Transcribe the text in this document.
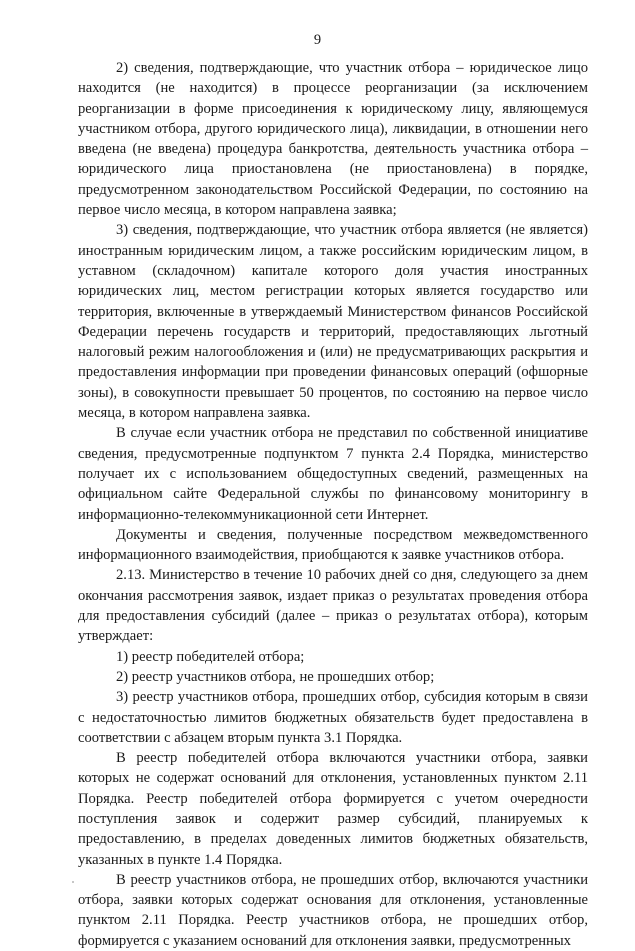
9

2) сведения, подтверждающие, что участник отбора – юридическое лицо находится (не находится) в процессе реорганизации (за исключением реорганизации в форме присоединения к юридическому лицу, являющемуся участником отбора, другого юридического лица), ликвидации, в отношении него введена (не введена) процедура банкротства, деятельность участника отбора – юридического лица приостановлена (не приостановлена) в порядке, предусмотренном законодательством Российской Федерации, по состоянию на первое число месяца, в котором направлена заявка;

3) сведения, подтверждающие, что участник отбора является (не является) иностранным юридическим лицом, а также российским юридическим лицом, в уставном (складочном) капитале которого доля участия иностранных юридических лиц, местом регистрации которых является государство или территория, включенные в утверждаемый Министерством финансов Российской Федерации перечень государств и территорий, предоставляющих льготный налоговый режим налогообложения и (или) не предусматривающих раскрытия и предоставления информации при проведении финансовых операций (офшорные зоны), в совокупности превышает 50 процентов, по состоянию на первое число месяца, в котором направлена заявка.

В случае если участник отбора не представил по собственной инициативе сведения, предусмотренные подпунктом 7 пункта 2.4 Порядка, министерство получает их с использованием общедоступных сведений, размещенных на официальном сайте Федеральной службы по финансовому мониторингу в информационно-телекоммуникационной сети Интернет.

Документы и сведения, полученные посредством межведомственного информационного взаимодействия, приобщаются к заявке участников отбора.

2.13. Министерство в течение 10 рабочих дней со дня, следующего за днем окончания рассмотрения заявок, издает приказ о результатах проведения отбора для предоставления субсидий (далее – приказ о результатах отбора), которым утверждает:

1) реестр победителей отбора;

2) реестр участников отбора, не прошедших отбор;

3) реестр участников отбора, прошедших отбор, субсидия которым в связи с недостаточностью лимитов бюджетных обязательств будет предоставлена в соответствии с абзацем вторым пункта 3.1 Порядка.

В реестр победителей отбора включаются участники отбора, заявки которых не содержат оснований для отклонения, установленных пунктом 2.11 Порядка. Реестр победителей отбора формируется с учетом очередности поступления заявок и содержит размер субсидий, планируемых к предоставлению, в пределах доведенных лимитов бюджетных обязательств, указанных в пункте 1.4 Порядка.

В реестр участников отбора, не прошедших отбор, включаются участники отбора, заявки которых содержат основания для отклонения, установленные пунктом 2.11 Порядка. Реестр участников отбора, не прошедших отбор, формируется с указанием оснований для отклонения заявки, предусмотренных
